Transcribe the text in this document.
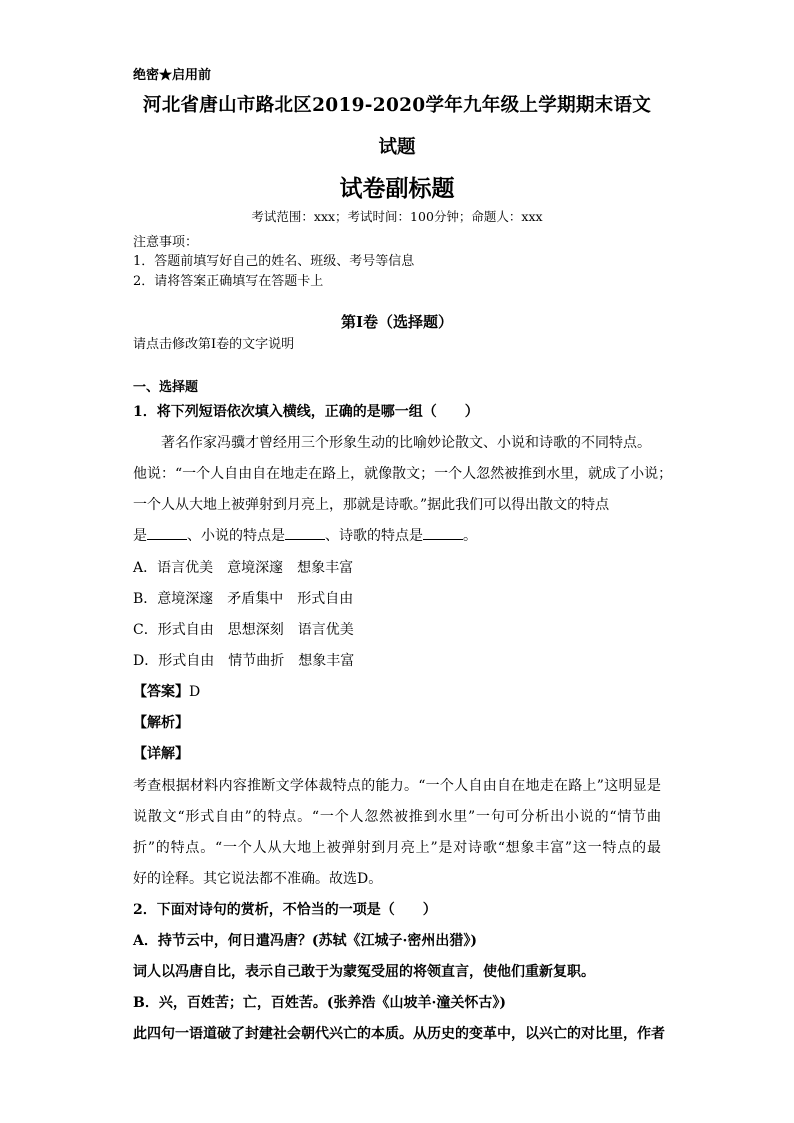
绝密★启用前
河北省唐山市路北区2019-2020学年九年级上学期期末语文
试题
试卷副标题
考试范围：xxx；考试时间：100分钟；命题人：xxx
注意事项：
1．答题前填写好自己的姓名、班级、考号等信息
2．请将答案正确填写在答题卡上
第I卷（选择题）
请点击修改第I卷的文字说明
一、选择题
1．将下列短语依次填入横线，正确的是哪一组（　　）
著名作家冯骥才曾经用三个形象生动的比喻妙论散文、小说和诗歌的不同特点。
他说：“一个人自由自在地走在路上，就像散文；一个人忽然被推到水里，就成了小说；
一个人从大地上被弹射到月亮上，那就是诗歌。”据此我们可以得出散文的特点
是	、小说的特点是	、诗歌的特点是	。
A．语言优美　意境深邃　想象丰富
B．意境深邃　矛盾集中　形式自由
C．形式自由　思想深刻　语言优美
D．形式自由　情节曲折　想象丰富
【答案】D
【解析】
【详解】
考查根据材料内容推断文学体裁特点的能力。“一个人自由自在地走在路上”这明显是
说散文“形式自由”的特点。“一个人忽然被推到水里”一句可分析出小说的“情节曲
折”的特点。“一个人从大地上被弹射到月亮上”是对诗歌“想象丰富”这一特点的最
好的诠释。其它说法都不准确。故选D。
2．下面对诗句的赏析，不恰当的一项是（　　）
A．持节云中，何日遣冯唐？(苏轼《江城子·密州出猎》)
词人以冯唐自比，表示自己敢于为蒙冤受屈的将领直言，使他们重新复职。
B．兴，百姓苦；亡，百姓苦。(张养浩《山坡羊·潼关怀古》)
此四句一语道破了封建社会朝代兴亡的本质。从历史的变革中，以兴亡的对比里，作者
